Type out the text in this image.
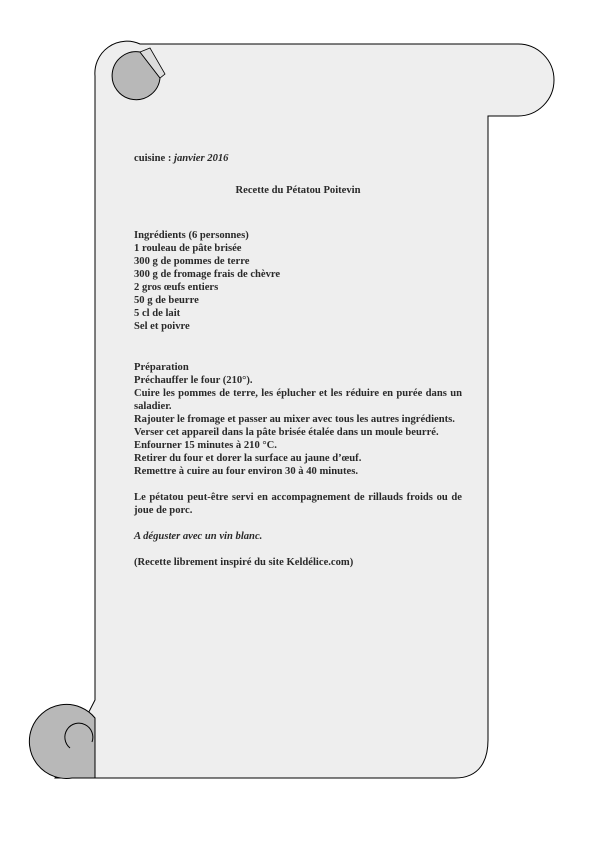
cuisine : janvier 2016
Recette du Pétatou Poitevin
Ingrédients (6 personnes)
1 rouleau de pâte brisée
300 g de pommes de terre
300 g de fromage frais de chèvre
2 gros œufs entiers
50 g de beurre
5 cl de lait
Sel et poivre
Préparation
Préchauffer le four (210°).
Cuire les pommes de terre, les éplucher et les réduire en purée dans un saladier.
Rajouter le fromage et passer au mixer avec tous les autres ingrédients.
Verser cet appareil dans la pâte brisée étalée dans un moule beurré.
Enfourner 15 minutes à 210 °C.
Retirer du four et dorer la surface au jaune d’œuf.
Remettre à cuire au four environ 30 à 40 minutes.
Le pétatou peut-être servi en accompagnement de rillauds froids ou de joue de porc.
A déguster avec un vin blanc.
(Recette librement inspiré du site Keldélice.com)
